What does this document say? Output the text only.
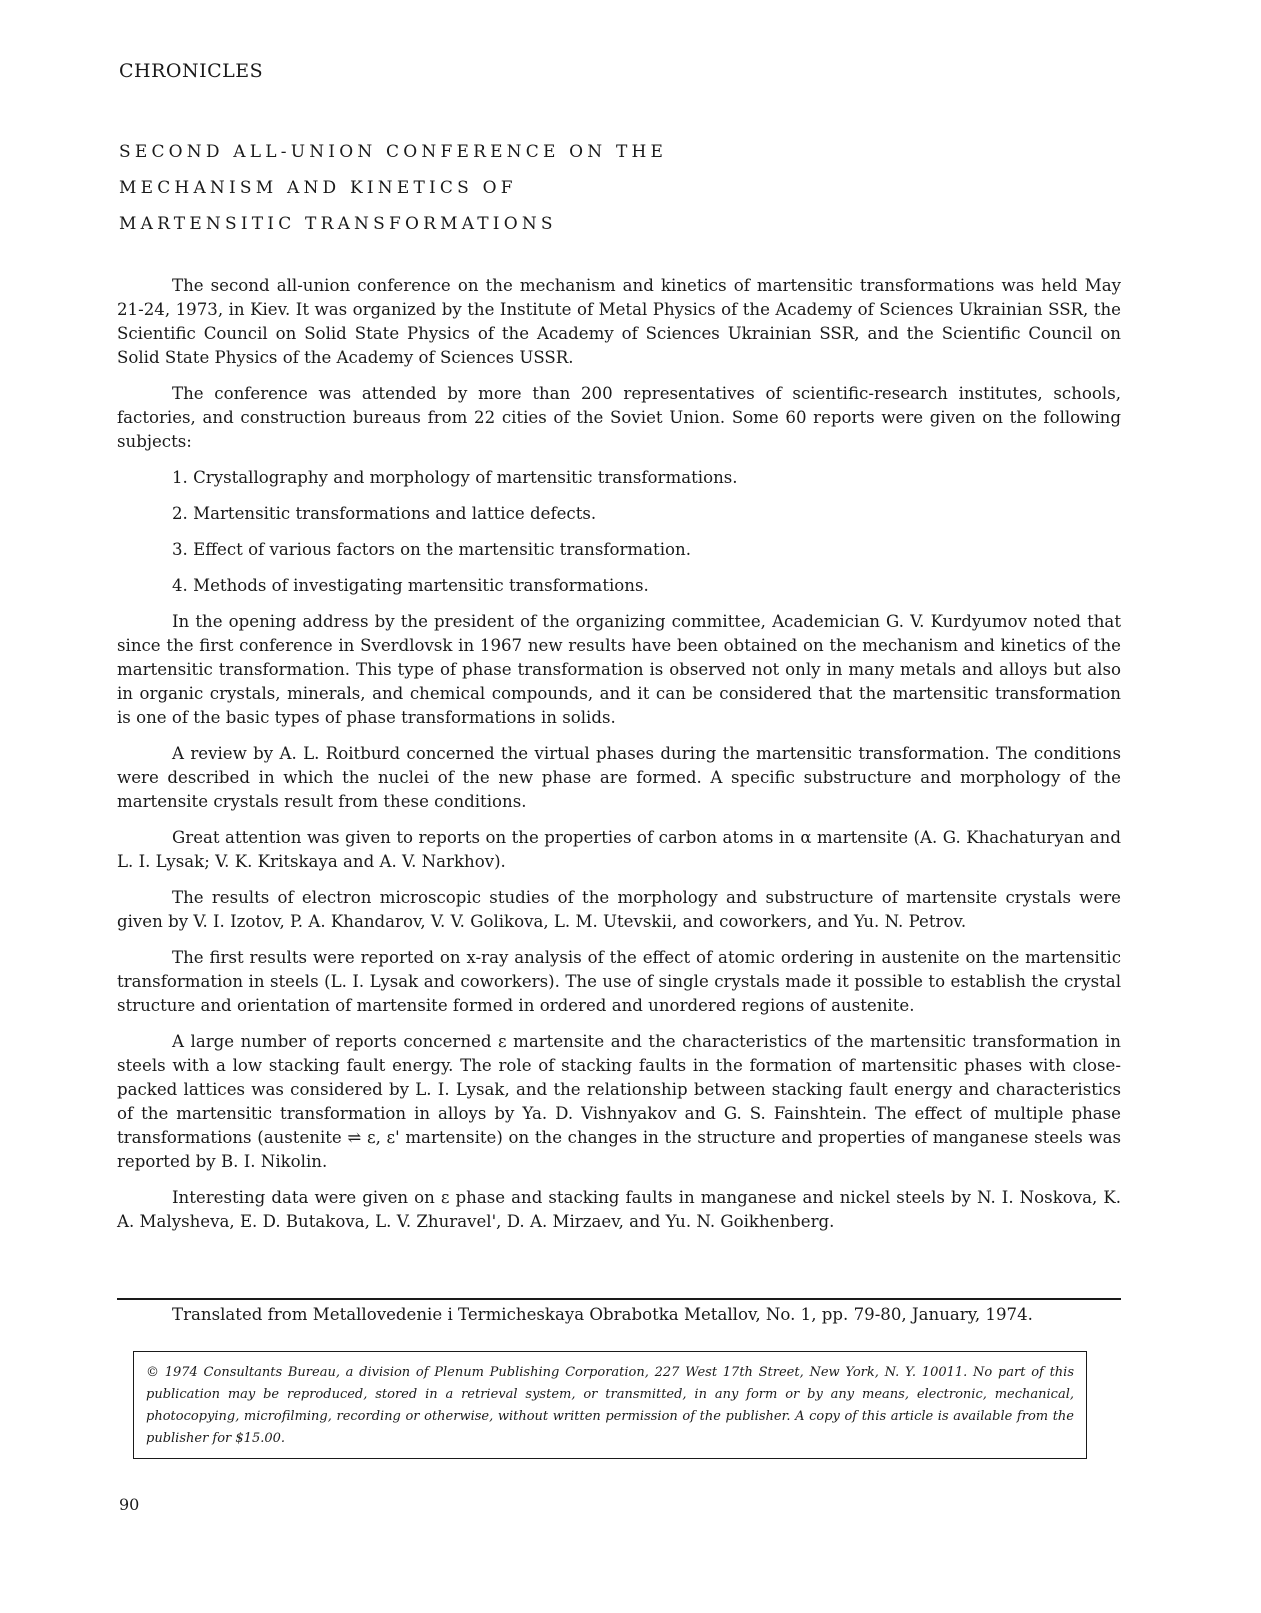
CHRONICLES
SECOND ALL-UNION CONFERENCE ON THE
MECHANISM AND KINETICS OF
MARTENSITIC TRANSFORMATIONS

The second all-union conference on the mechanism and kinetics of martensitic transformations was held May 21-24, 1973, in Kiev. It was organized by the Institute of Metal Physics of the Academy of Sciences Ukrainian SSR, the Scientific Council on Solid State Physics of the Academy of Sciences Ukrainian SSR, and the Scientific Council on Solid State Physics of the Academy of Sciences USSR.

The conference was attended by more than 200 representatives of scientific-research institutes, schools, factories, and construction bureaus from 22 cities of the Soviet Union. Some 60 reports were given on the following subjects:

1. Crystallography and morphology of martensitic transformations.
2. Martensitic transformations and lattice defects.
3. Effect of various factors on the martensitic transformation.
4. Methods of investigating martensitic transformations.

In the opening address by the president of the organizing committee, Academician G. V. Kurdyumov noted that since the first conference in Sverdlovsk in 1967 new results have been obtained on the mechanism and kinetics of the martensitic transformation. This type of phase transformation is observed not only in many metals and alloys but also in organic crystals, minerals, and chemical compounds, and it can be considered that the martensitic transformation is one of the basic types of phase transformations in solids.

A review by A. L. Roitburd concerned the virtual phases during the martensitic transformation. The conditions were described in which the nuclei of the new phase are formed. A specific substructure and morphology of the martensite crystals result from these conditions.

Great attention was given to reports on the properties of carbon atoms in α martensite (A. G. Khachaturyan and L. I. Lysak; V. K. Kritskaya and A. V. Narkhov).

The results of electron microscopic studies of the morphology and substructure of martensite crystals were given by V. I. Izotov, P. A. Khandarov, V. V. Golikova, L. M. Utevskii, and coworkers, and Yu. N. Petrov.

The first results were reported on x-ray analysis of the effect of atomic ordering in austenite on the martensitic transformation in steels (L. I. Lysak and coworkers). The use of single crystals made it possible to establish the crystal structure and orientation of martensite formed in ordered and unordered regions of austenite.

A large number of reports concerned ε martensite and the characteristics of the martensitic transformation in steels with a low stacking fault energy. The role of stacking faults in the formation of martensitic phases with close-packed lattices was considered by L. I. Lysak, and the relationship between stacking fault energy and characteristics of the martensitic transformation in alloys by Ya. D. Vishnyakov and G. S. Fainshtein. The effect of multiple phase transformations (austenite ⇌ ε, ε' martensite) on the changes in the structure and properties of manganese steels was reported by B. I. Nikolin.

Interesting data were given on ε phase and stacking faults in manganese and nickel steels by N. I. Noskova, K. A. Malysheva, E. D. Butakova, L. V. Zhuravel', D. A. Mirzaev, and Yu. N. Goikhenberg.

Translated from Metallovedenie i Termicheskaya Obrabotka Metallov, No. 1, pp. 79-80, January, 1974.
© 1974 Consultants Bureau, a division of Plenum Publishing Corporation, 227 West 17th Street, New York, N. Y. 10011. No part of this publication may be reproduced, stored in a retrieval system, or transmitted, in any form or by any means, electronic, mechanical, photocopying, microfilming, recording or otherwise, without written permission of the publisher. A copy of this article is available from the publisher for $15.00.
90
